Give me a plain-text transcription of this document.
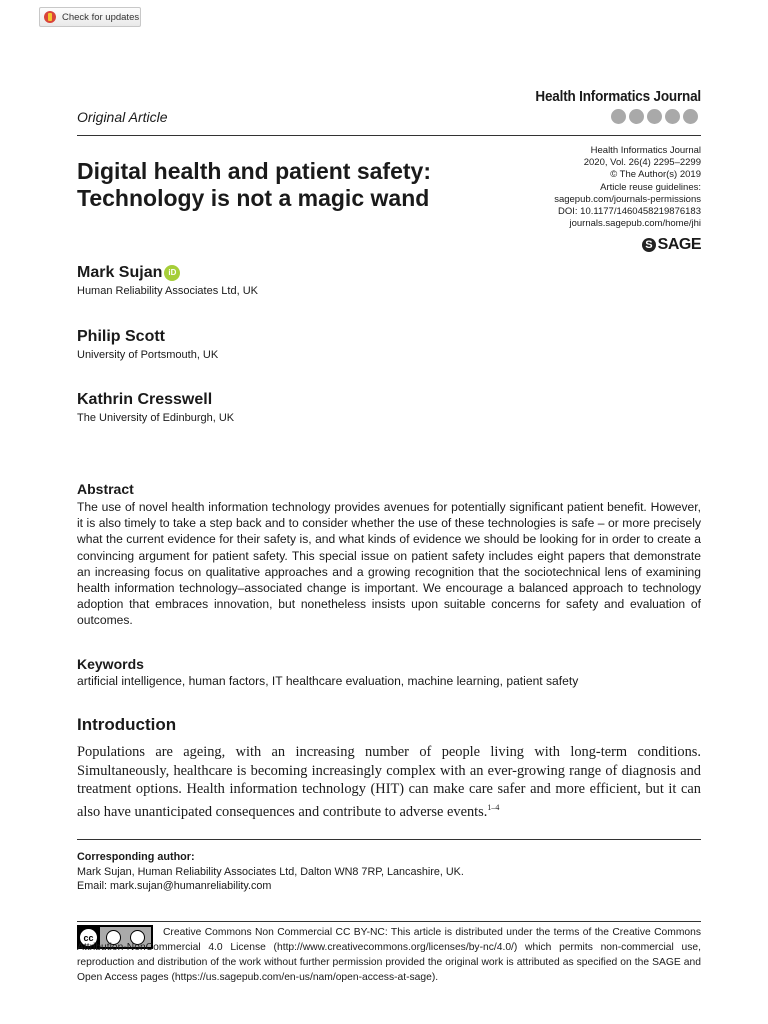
Check for updates
Health Informatics Journal
Original Article
Digital health and patient safety: Technology is not a magic wand
Health Informatics Journal
2020, Vol. 26(4) 2295–2299
© The Author(s) 2019
Article reuse guidelines:
sagepub.com/journals-permissions
DOI: 10.1177/1460458219876183
journals.sagepub.com/home/jhi
S SAGE
Mark Sujan iD
Human Reliability Associates Ltd, UK
Philip Scott
University of Portsmouth, UK
Kathrin Cresswell
The University of Edinburgh, UK
Abstract

The use of novel health information technology provides avenues for potentially significant patient benefit. However, it is also timely to take a step back and to consider whether the use of these technologies is safe – or more precisely what the current evidence for their safety is, and what kinds of evidence we should be looking for in order to create a convincing argument for patient safety. This special issue on patient safety includes eight papers that demonstrate an increasing focus on qualitative approaches and a growing recognition that the sociotechnical lens of examining health information technology–associated change is important. We encourage a balanced approach to technology adoption that embraces innovation, but nonetheless insists upon suitable concerns for safety and evaluation of outcomes.

Keywords
artificial intelligence, human factors, IT healthcare evaluation, machine learning, patient safety
Introduction

Populations are ageing, with an increasing number of people living with long-term conditions. Simultaneously, healthcare is becoming increasingly complex with an ever-growing range of diagnosis and treatment options. Health information technology (HIT) can make care safer and more efficient, but it can also have unanticipated consequences and contribute to adverse events.$^{1-4}$

Corresponding author:
Mark Sujan, Human Reliability Associates Ltd, Dalton WN8 7RP, Lancashire, UK.
Email: mark.sujan@humanreliability.com
cc	Creative Commons Non Commercial CC BY-NC: This article is distributed under the terms of the Creative Commons Attribution-NonCommercial 4.0 License (http://www.creativecommons.org/licenses/by-nc/4.0/) which permits non-commercial use, reproduction and distribution of the work without further permission provided the original work is attributed as specified on the SAGE and Open Access pages (https://us.sagepub.com/en-us/nam/open-access-at-sage).
